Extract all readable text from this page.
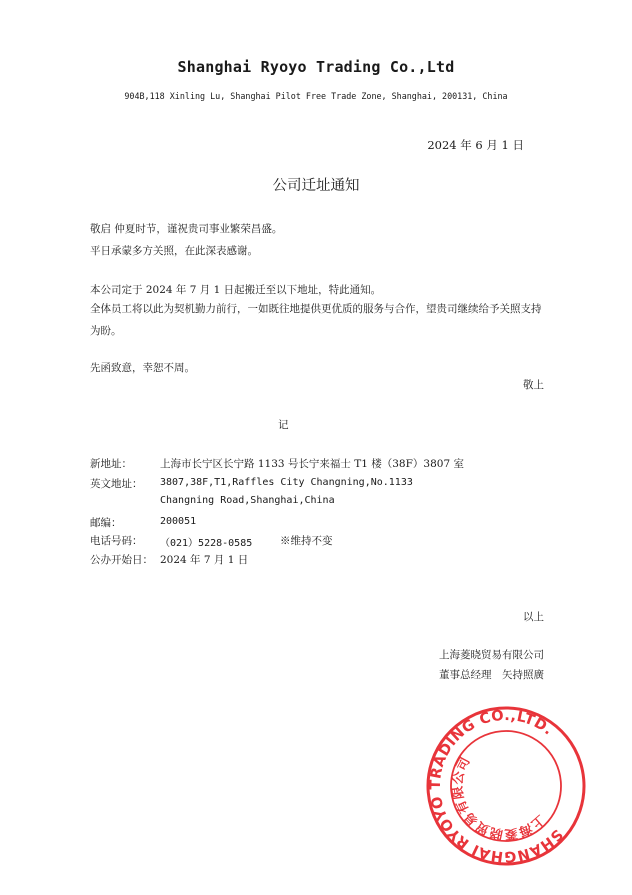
Shanghai Ryoyo Trading Co.,Ltd
904B,118 Xinling Lu, Shanghai Pilot Free Trade Zone, Shanghai, 200131, China
2024 年 6 月 1 日
公司迁址通知
敬启 仲夏时节，谨祝贵司事业繁荣昌盛。
平日承蒙多方关照，在此深表感谢。
本公司定于 2024 年 7 月 1 日起搬迁至以下地址，特此通知。
全体员工将以此为契机勤力前行，一如既往地提供更优质的服务与合作，望贵司继续给予关照支持为盼。
先函致意，幸恕不周。
敬上
记
新地址：	上海市长宁区长宁路 1133 号长宁来福士 T1 楼（38F）3807 室
英文地址： 3807,38F,T1,Raffles City Changning,No.1133
Changning Road,Shanghai,China
邮编：	200051
电话号码： （021）5228-0585	※维持不变
公办开始日： 2024 年 7 月 1 日
以上
上海菱晓贸易有限公司
董事总经理　矢持照廣
SHANGHAI RYOYO TRADING CO.,LTD.
上海菱晓贸易有限公司
